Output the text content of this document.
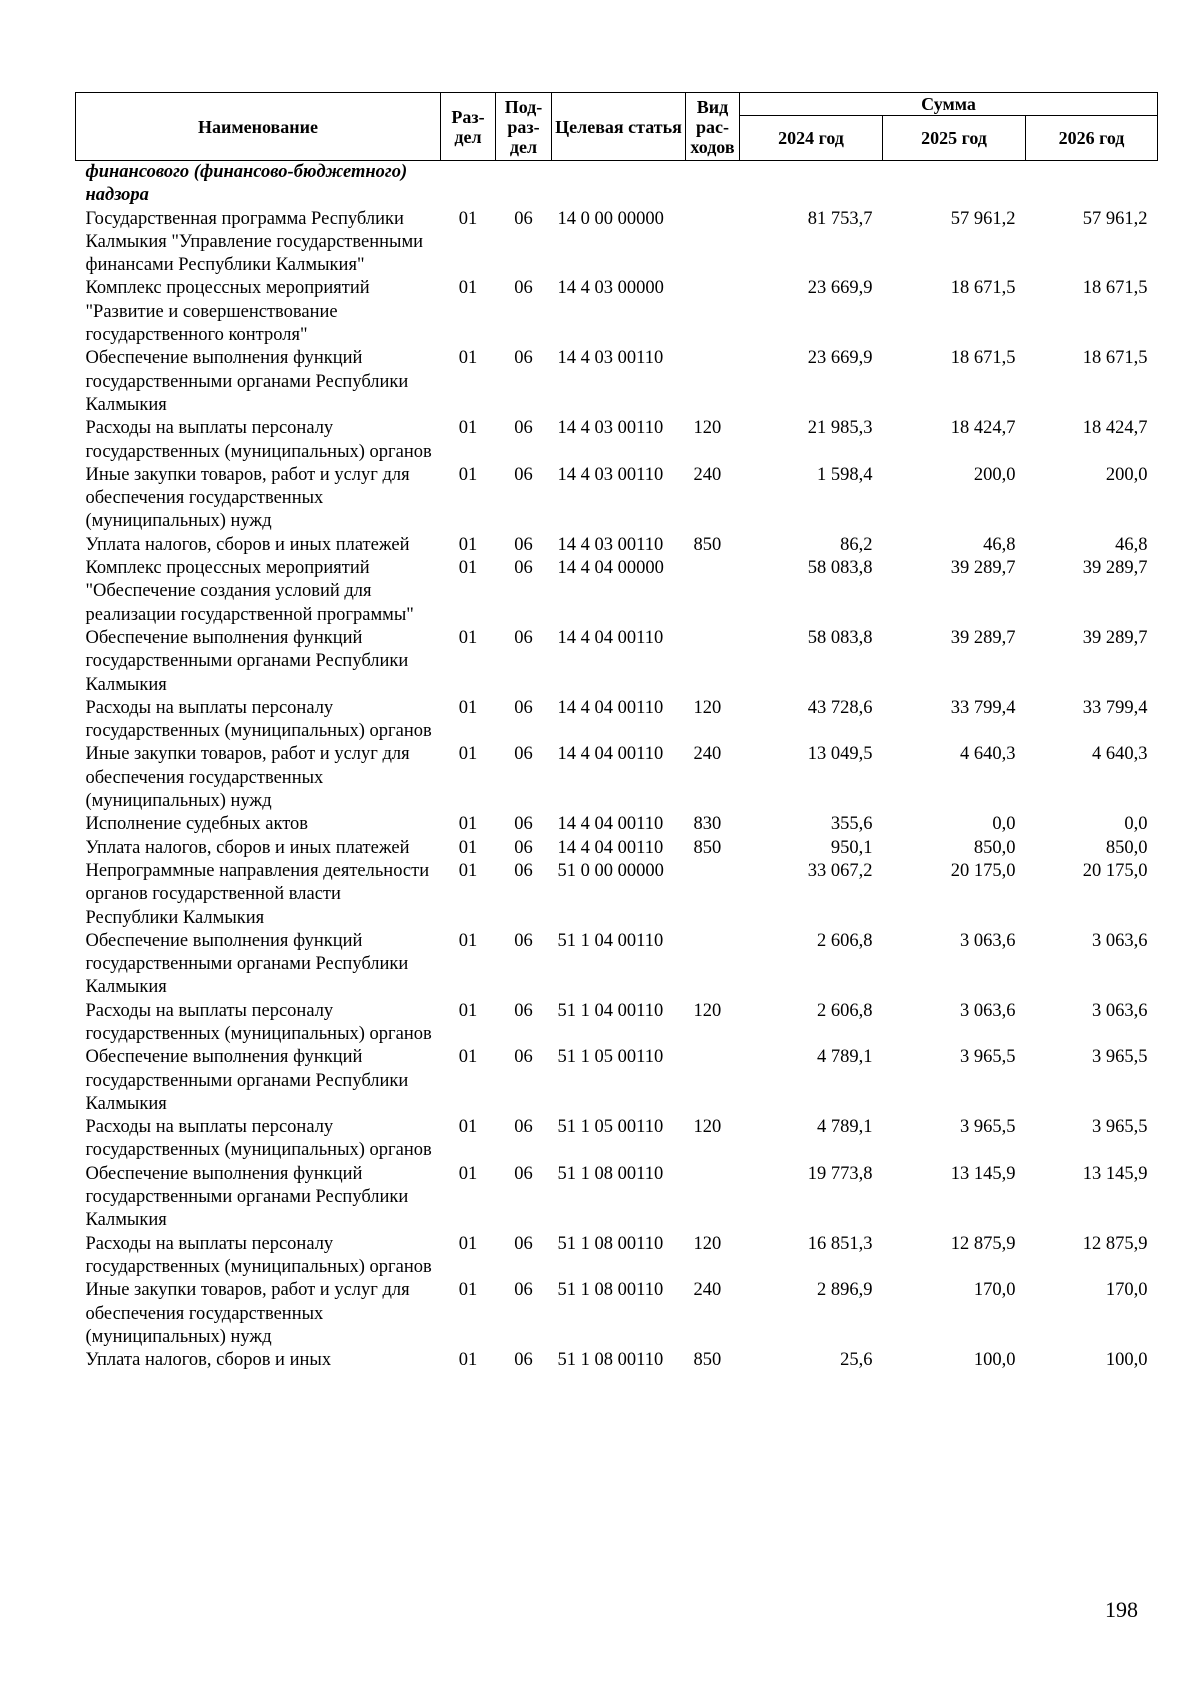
Наименование	Раз- дел	Под- раз- дел	Целевая статья	Вид рас- ходов	Сумма		
					2024 год	2025 год	2026 год
финансового (финансово-бюджетного) надзора							
Государственная программа Республики Калмыкия "Управление государственными финансами Республики Калмыкия"	01	06	14 0 00 00000		81 753,7	57 961,2	57 961,2
Комплекс процессных мероприятий "Развитие и совершенствование государственного контроля"	01	06	14 4 03 00000		23 669,9	18 671,5	18 671,5
Обеспечение выполнения функций государственными органами Республики Калмыкия	01	06	14 4 03 00110		23 669,9	18 671,5	18 671,5
Расходы на выплаты персоналу государственных (муниципальных) органов	01	06	14 4 03 00110	120	21 985,3	18 424,7	18 424,7
Иные закупки товаров, работ и услуг для обеспечения государственных (муниципальных) нужд	01	06	14 4 03 00110	240	1 598,4	200,0	200,0
Уплата налогов, сборов и иных платежей	01	06	14 4 03 00110	850	86,2	46,8	46,8
Комплекс процессных мероприятий "Обеспечение создания условий для реализации государственной программы"	01	06	14 4 04 00000		58 083,8	39 289,7	39 289,7
Обеспечение выполнения функций государственными органами Республики Калмыкия	01	06	14 4 04 00110		58 083,8	39 289,7	39 289,7
Расходы на выплаты персоналу государственных (муниципальных) органов	01	06	14 4 04 00110	120	43 728,6	33 799,4	33 799,4
Иные закупки товаров, работ и услуг для обеспечения государственных (муниципальных) нужд	01	06	14 4 04 00110	240	13 049,5	4 640,3	4 640,3
Исполнение судебных актов	01	06	14 4 04 00110	830	355,6	0,0	0,0
Уплата налогов, сборов и иных платежей	01	06	14 4 04 00110	850	950,1	850,0	850,0
Непрограммные направления деятельности органов государственной власти Республики Калмыкия	01	06	51 0 00 00000		33 067,2	20 175,0	20 175,0
Обеспечение выполнения функций государственными органами Республики Калмыкия	01	06	51 1 04 00110		2 606,8	3 063,6	3 063,6
Расходы на выплаты персоналу государственных (муниципальных) органов	01	06	51 1 04 00110	120	2 606,8	3 063,6	3 063,6
Обеспечение выполнения функций государственными органами Республики Калмыкия	01	06	51 1 05 00110		4 789,1	3 965,5	3 965,5
Расходы на выплаты персоналу государственных (муниципальных) органов	01	06	51 1 05 00110	120	4 789,1	3 965,5	3 965,5
Обеспечение выполнения функций государственными органами Республики Калмыкия	01	06	51 1 08 00110		19 773,8	13 145,9	13 145,9
Расходы на выплаты персоналу государственных (муниципальных) органов	01	06	51 1 08 00110	120	16 851,3	12 875,9	12 875,9
Иные закупки товаров, работ и услуг для обеспечения государственных (муниципальных) нужд	01	06	51 1 08 00110	240	2 896,9	170,0	170,0
Уплата налогов, сборов и иных	01	06	51 1 08 00110	850	25,6	100,0	100,0
198
